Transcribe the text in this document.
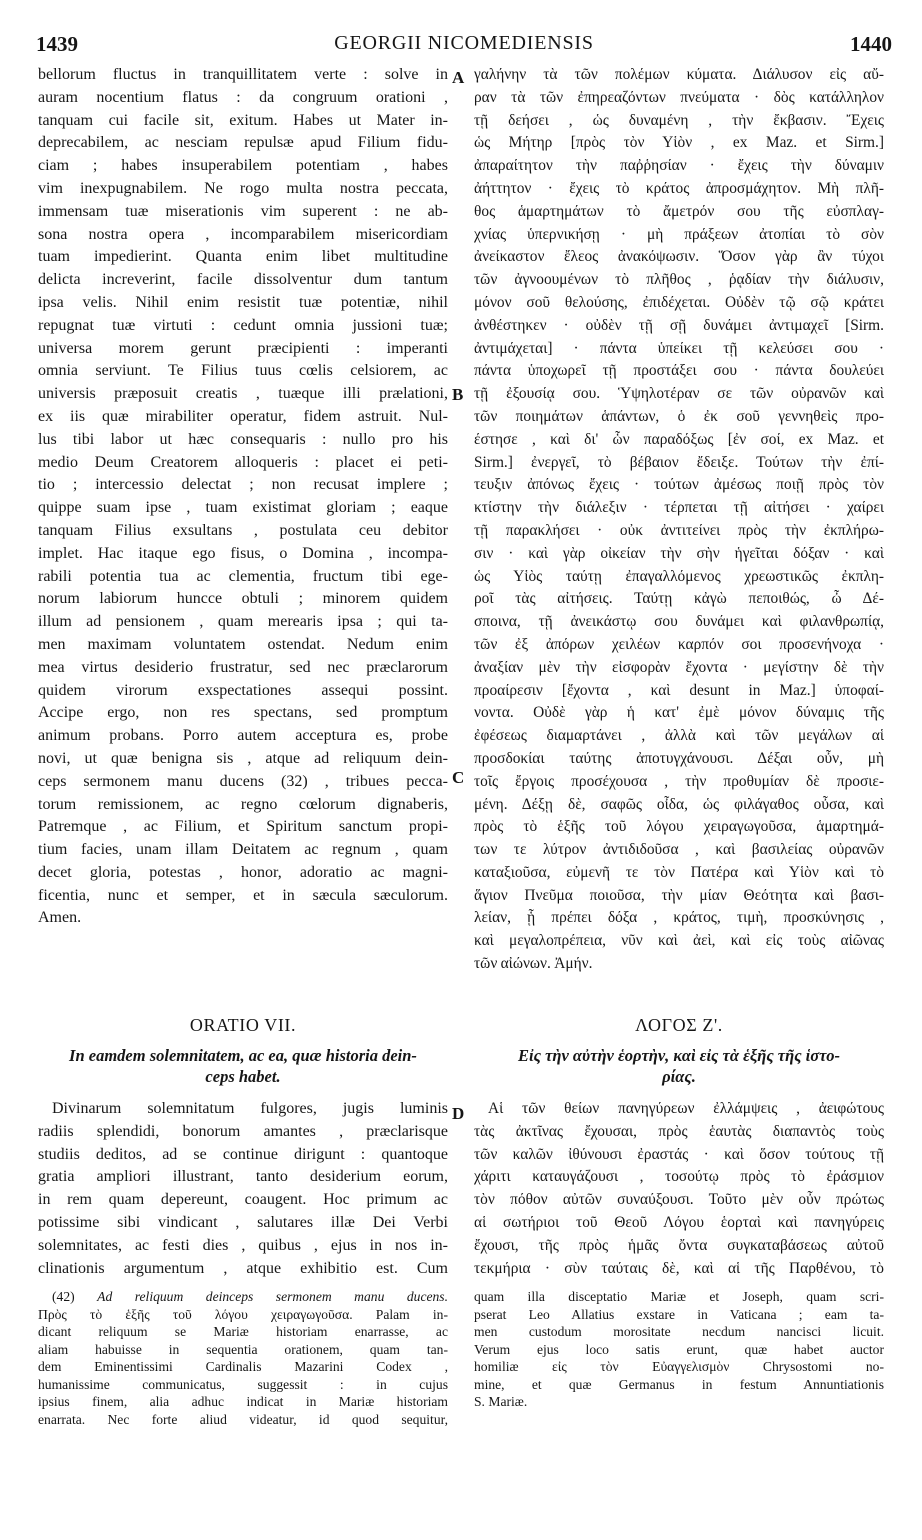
1439	GEORGII NICOMEDIENSIS	1440
A
B
C
D
bellorum fluctus in tranquillitatem verte : solve in
auram nocentium flatus : da congruum orationi ,
tanquam cui facile sit, exitum. Habes ut Mater in-
deprecabilem, ac nesciam repulsæ apud Filium fidu-
ciam ; habes insuperabilem potentiam , habes
vim inexpugnabilem. Ne rogo multa nostra peccata,
immensam tuæ miserationis vim superent : ne ab-
sona nostra opera , incomparabilem misericordiam
tuam impedierint. Quanta enim libet multitudine
delicta increverint, facile dissolventur dum tantum
ipsa velis. Nihil enim resistit tuæ potentiæ, nihil
repugnat tuæ virtuti : cedunt omnia jussioni tuæ;
universa morem gerunt præcipienti : imperanti
omnia serviunt. Te Filius tuus cœlis celsiorem, ac
universis præposuit creatis , tuæque illi prælationi,
ex iis quæ mirabiliter operatur, fidem astruit. Nul-
lus tibi labor ut hæc consequaris : nullo pro his
medio Deum Creatorem alloqueris : placet ei peti-
tio ; intercessio delectat ; non recusat implere ;
quippe suam ipse , tuam existimat gloriam ; eaque
tanquam Filius exsultans , postulata ceu debitor
implet. Hac itaque ego fisus, o Domina , incompa-
rabili potentia tua ac clementia, fructum tibi ege-
norum labiorum huncce obtuli ; minorem quidem
illum ad pensionem , quam merearis ipsa ; qui ta-
men maximam voluntatem ostendat. Nedum enim
mea virtus desiderio frustratur, sed nec præclarorum
quidem virorum exspectationes assequi possint.
Accipe ergo, non res spectans, sed promptum
animum probans. Porro autem acceptura es, probe
novi, ut quæ benigna sis , atque ad reliquum dein-
ceps sermonem manu ducens (32) , tribues pecca-
torum remissionem, ac regno cœlorum dignaberis,
Patremque , ac Filium, et Spiritum sanctum propi-
tium facies, unam illam Deitatem ac regnum , quam
decet gloria, potestas , honor, adoratio ac magni-
ficentia, nunc et semper, et in sæcula sæculorum.
Amen.
γαλήνην τὰ τῶν πολέμων κύματα. Διάλυσον εἰς αὔ-
ραν τὰ τῶν ἐπηρεαζόντων πνεύματα · δὸς κατάλληλον
τῇ δεήσει , ὡς δυναμένη , τὴν ἔκβασιν. Ἔχεις
ὡς Μήτηρ [πρὸς τὸν Υἱὸν , ex Maz. et Sirm.]
ἀπαραίτητον τὴν παῤῥησίαν · ἔχεις τὴν δύναμιν
ἀήττητον · ἔχεις τὸ κράτος ἀπροσμάχητον. Μὴ πλῆ-
θος ἁμαρτημάτων τὸ ἄμετρόν σου τῆς εὐσπλαγ-
χνίας ὑπερνικήσῃ · μὴ πράξεων ἀτοπίαι τὸ σὸν
ἀνείκαστον ἔλεος ἀνακόψωσιν. Ὅσον γὰρ ἂν τύχοι
τῶν ἀγνοουμένων τὸ πλῆθος , ῥᾳδίαν τὴν διάλυσιν,
μόνον σοῦ θελούσης, ἐπιδέχεται. Οὐδὲν τῷ σῷ κράτει
ἀνθέστηκεν · οὐδὲν τῇ σῇ δυνάμει ἀντιμαχεῖ [Sirm.
ἀντιμάχεται] · πάντα ὑπείκει τῇ κελεύσει σου ·
πάντα ὑποχωρεῖ τῇ προστάξει σου · πάντα δουλεύει
τῇ ἐξουσίᾳ σου. Ὑψηλοτέραν σε τῶν οὐρανῶν καὶ
τῶν ποιημάτων ἁπάντων, ὁ ἐκ σοῦ γεννηθεὶς προ-
έστησε , καὶ δι' ὧν παραδόξως [ἐν σοί, ex Maz. et
Sirm.] ἐνεργεῖ, τὸ βέβαιον ἔδειξε. Τούτων τὴν ἐπί-
τευξιν ἀπόνως ἔχεις · τούτων ἀμέσως ποιῇ πρὸς τὸν
κτίστην τὴν διάλεξιν · τέρπεται τῇ αἰτήσει · χαίρει
τῇ παρακλήσει · οὐκ ἀντιτείνει πρὸς τὴν ἐκπλήρω-
σιν · καὶ γὰρ οἰκείαν τὴν σὴν ἡγεῖται δόξαν · καὶ
ὡς Υἱὸς ταύτῃ ἐπαγαλλόμενος χρεωστικῶς ἐκπλη-
ροῖ τὰς αἰτήσεις. Ταύτῃ κἀγὼ πεποιθώς, ὦ Δέ-
σποινα, τῇ ἀνεικάστῳ σου δυνάμει καὶ φιλανθρωπίᾳ,
τῶν ἐξ ἀπόρων χειλέων καρπόν σοι προσενήνοχα ·
ἀναξίαν μὲν τὴν εἰσφορὰν ἔχοντα · μεγίστην δὲ τὴν
προαίρεσιν [ἔχοντα , καὶ desunt in Maz.] ὑποφαί-
νοντα. Οὐδὲ γὰρ ἡ κατ' ἐμὲ μόνον δύναμις τῆς
ἐφέσεως διαμαρτάνει , ἀλλὰ καὶ τῶν μεγάλων αἱ
προσδοκίαι ταύτης ἀποτυγχάνουσι. Δέξαι οὖν, μὴ
τοῖς ἔργοις προσέχουσα , τὴν προθυμίαν δὲ προσιε-
μένη. Δέξῃ δὲ, σαφῶς οἶδα, ὡς φιλάγαθος οὖσα, καὶ
πρὸς τὸ ἑξῆς τοῦ λόγου χειραγωγοῦσα, ἁμαρτημά-
των τε λύτρον ἀντιδιδοῦσα , καὶ βασιλείας οὐρανῶν
καταξιοῦσα, εὐμενῆ τε τὸν Πατέρα καὶ Υἱὸν καὶ τὸ
ἅγιον Πνεῦμα ποιοῦσα, τὴν μίαν Θεότητα καὶ βασι-
λείαν, ᾗ πρέπει δόξα , κράτος, τιμὴ, προσκύνησις ,
καὶ μεγαλοπρέπεια, νῦν καὶ ἀεὶ, καὶ εἰς τοὺς αἰῶνας
τῶν αἰώνων. Ἀμήν.
ORATIO VII.	ΛΟΓΟΣ Ζ'.
In eamdem solemnitatem, ac ea, quæ historia dein-
ceps habet.
Εἰς τὴν αὐτὴν ἑορτὴν, καὶ εἰς τὰ ἑξῆς τῆς ἱστο-
ρίας.
Divinarum solemnitatum fulgores, jugis luminis
radiis splendidi, bonorum amantes , præclarisque
studiis deditos, ad se continue dirigunt : quantoque
gratia ampliori illustrant, tanto desiderium eorum,
in rem quam depereunt, coaugent. Hoc primum ac
potissime sibi vindicant , salutares illæ Dei Verbi
solemnitates, ac festi dies , quibus , ejus in nos in-
clinationis argumentum , atque exhibitio est. Cum
Αἱ τῶν θείων πανηγύρεων ἐλλάμψεις , ἀειφώτους
τὰς ἀκτῖνας ἔχουσαι, πρὸς ἑαυτὰς διαπαντὸς τοὺς
τῶν καλῶν ἰθύνουσι ἐραστάς · καὶ ὅσον τούτους τῇ
χάριτι καταυγάζουσι , τοσούτῳ πρὸς τὸ ἐράσμιον
τὸν πόθον αὐτῶν συναύξουσι. Τοῦτο μὲν οὖν πρώτως
αἱ σωτήριοι τοῦ Θεοῦ Λόγου ἑορταὶ καὶ πανηγύρεις
ἔχουσι, τῆς πρὸς ἡμᾶς ὄντα συγκαταβάσεως αὐτοῦ
τεκμήρια · σὺν ταύταις δὲ, καὶ αἱ τῆς Παρθένου, τὸ
(42) Ad reliquum deinceps sermonem manu ducens.
Πρὸς τὸ ἑξῆς τοῦ λόγου χειραγωγοῦσα. Palam in-
dicant reliquum se Mariæ historiam enarrasse, ac
aliam habuisse in sequentia orationem, quam tan-
dem Eminentissimi Cardinalis Mazarini Codex ,
humanissime communicatus, suggessit : in cujus
ipsius finem, alia adhuc indicat in Mariæ historiam
enarrata. Nec forte aliud videatur, id quod sequitur,
quam illa disceptatio Mariæ et Joseph, quam scri-
pserat Leo Allatius exstare in Vaticana ; eam ta-
men custodum morositate necdum nancisci licuit.
Verum ejus loco satis erunt, quæ habet auctor
homiliæ εἰς τὸν Εὐαγγελισμὸν Chrysostomi no-
mine, et quæ Germanus in festum Annuntiationis
S. Mariæ.
